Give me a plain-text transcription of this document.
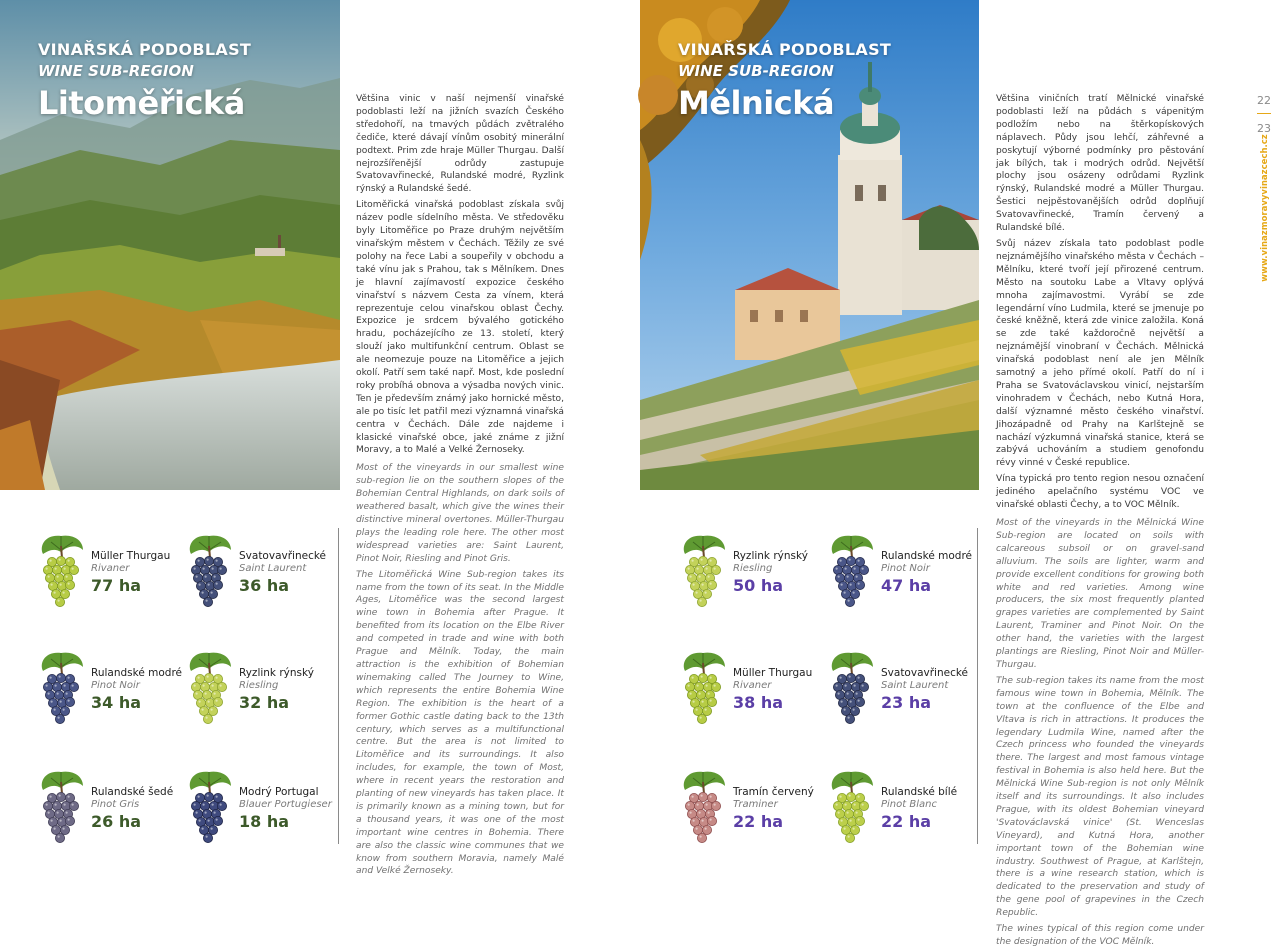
VINAŘSKÁ PODOBLAST
WINE SUB-REGION
Litoměřická	Většina vinic v naší nejmenší vinařské podoblasti leží na jižních svazích Českého středohoří, na tmavých půdách zvětralého čediče, které dávají vínům osobitý minerální podtext. Prim zde hraje Müller Thurgau. Další nejrozšířenější odrůdy zastupuje Svatovavřinecké, Rulandské modré, Ryzlink rýnský a Rulandské šedé.

Litoměřická vinařská podoblast získala svůj název podle sídelního města. Ve středověku byly Litoměřice po Praze druhým největším vinařským městem v Čechách. Těžily ze své polohy na řece Labi a soupeřily v obchodu a také vínu jak s Prahou, tak s Mělníkem. Dnes je hlavní zajímavostí expozice českého vinařství s názvem Cesta za vínem, která reprezentuje celou vinařskou oblast Čechy. Expozice je srdcem bývalého gotického hradu, pocházejícího ze 13. století, který slouží jako multifunkční centrum. Oblast se ale neomezuje pouze na Litoměřice a jejich okolí. Patří sem také např. Most, kde poslední roky probíhá obnova a výsadba nových vinic. Ten je především známý jako hornické město, ale po tisíc let patřil mezi významná vinařská centra v Čechách. Dále zde najdeme i klasické vinařské obce, jaké známe z jižní Moravy, a to Malé a Velké Žernoseky.

Most of the vineyards in our smallest wine sub-region lie on the southern slopes of the Bohemian Central Highlands, on dark soils of weathered basalt, which give the wines their distinctive mineral overtones. Müller-Thurgau plays the leading role here. The other most widespread varieties are: Saint Laurent, Pinot Noir, Riesling and Pinot Gris.

The Litoměřická Wine Sub-region takes its name from the town of its seat. In the Middle Ages, Litoměřice was the second largest wine town in Bohemia after Prague. It benefited from its location on the Elbe River and competed in trade and wine with both Prague and Mělník. Today, the main attraction is the exhibition of Bohemian winemaking called The Journey to Wine, which represents the entire Bohemia Wine Region. The exhibition is the heart of a former Gothic castle dating back to the 13th century, which serves as a multifunctional centre. But the area is not limited to Litoměřice and its surroundings. It also includes, for example, the town of Most, where in recent years the restoration and planting of new vineyards has taken place. It is primarily known as a mining town, but for a thousand years, it was one of the most important wine centres in Bohemia. There are also the classic wine communes that we know from southern Moravia, namely Malé and Velké Žernoseky.

Müller Thurgau
Rivaner
77 ha
Svatovavřinecké
Saint Laurent
36 ha
Rulandské modré
Pinot Noir
34 ha
Ryzlink rýnský
Riesling
32 ha
Rulandské šedé
Pinot Gris
26 ha
Modrý Portugal
Blauer Portugieser
18 ha
VINAŘSKÁ PODOBLAST
WINE SUB-REGION
Mělnická	Většina viničních tratí Mělnické vinařské podoblasti leží na půdách s vápenitým podložím nebo na štěrkopískových náplavech. Půdy jsou lehčí, záhřevné a poskytují výborné podmínky pro pěstování jak bílých, tak i modrých odrůd. Největší plochy jsou osázeny odrůdami Ryzlink rýnský, Rulandské modré a Müller Thurgau. Šestici nejpěstovanějších odrůd doplňují Svatovavřinecké, Tramín červený a Rulandské bílé.

Svůj název získala tato podoblast podle nejznámějšího vinařského města v Čechách – Mělníku, které tvoří její přirozené centrum. Město na soutoku Labe a Vltavy oplývá mnoha zajímavostmi. Vyrábí se zde legendární víno Ludmila, které se jmenuje po české kněžně, která zde vinice založila. Koná se zde také každoročně největší a nejznámější vinobraní v Čechách. Mělnická vinařská podoblast není ale jen Mělník samotný a jeho přímé okolí. Patří do ní i Praha se Svatováclavskou vinicí, nejstarším vinohradem v Čechách, nebo Kutná Hora, další významné město českého vinařství. Jihozápadně od Prahy na Karlštejně se nachází výzkumná vinařská stanice, která se zabývá uchováním a studiem genofondu révy vinné v České republice.

Vína typická pro tento region nesou označení jediného apelačního systému VOC ve vinařské oblasti Čechy, a to VOC Mělník.

Most of the vineyards in the Mělnická Wine Sub-region are located on soils with calcareous subsoil or on gravel-sand alluvium. The soils are lighter, warm and provide excellent conditions for growing both white and red varieties. Among wine producers, the six most frequently planted grapes varieties are complemented by Saint Laurent, Traminer and Pinot Noir. On the other hand, the varieties with the largest plantings are Riesling, Pinot Noir and Müller-Thurgau.

The sub-region takes its name from the most famous wine town in Bohemia, Mělník. The town at the confluence of the Elbe and Vltava is rich in attractions. It produces the legendary Ludmila Wine, named after the Czech princess who founded the vineyards there. The largest and most famous vintage festival in Bohemia is also held here. But the Mělnická Wine Sub-region is not only Mělník itself and its surroundings. It also includes Prague, with its oldest Bohemian vineyard 'Svatováclavská vinice' (St. Wenceslas Vineyard), and Kutná Hora, another important town of the Bohemian wine industry. Southwest of Prague, at Karlštejn, there is a wine research station, which is dedicated to the preservation and study of the gene pool of grapevines in the Czech Republic.

The wines typical of this region come under the designation of the VOC Mělník.

Ryzlink rýnský
Riesling
50 ha
Rulandské modré
Pinot Noir
47 ha
Müller Thurgau
Rivaner
38 ha
Svatovavřinecké
Saint Laurent
23 ha
Tramín červený
Traminer
22 ha
Rulandské bílé
Pinot Blanc
22 ha
22
23
www.vinazmoravyvinazcech.cz
